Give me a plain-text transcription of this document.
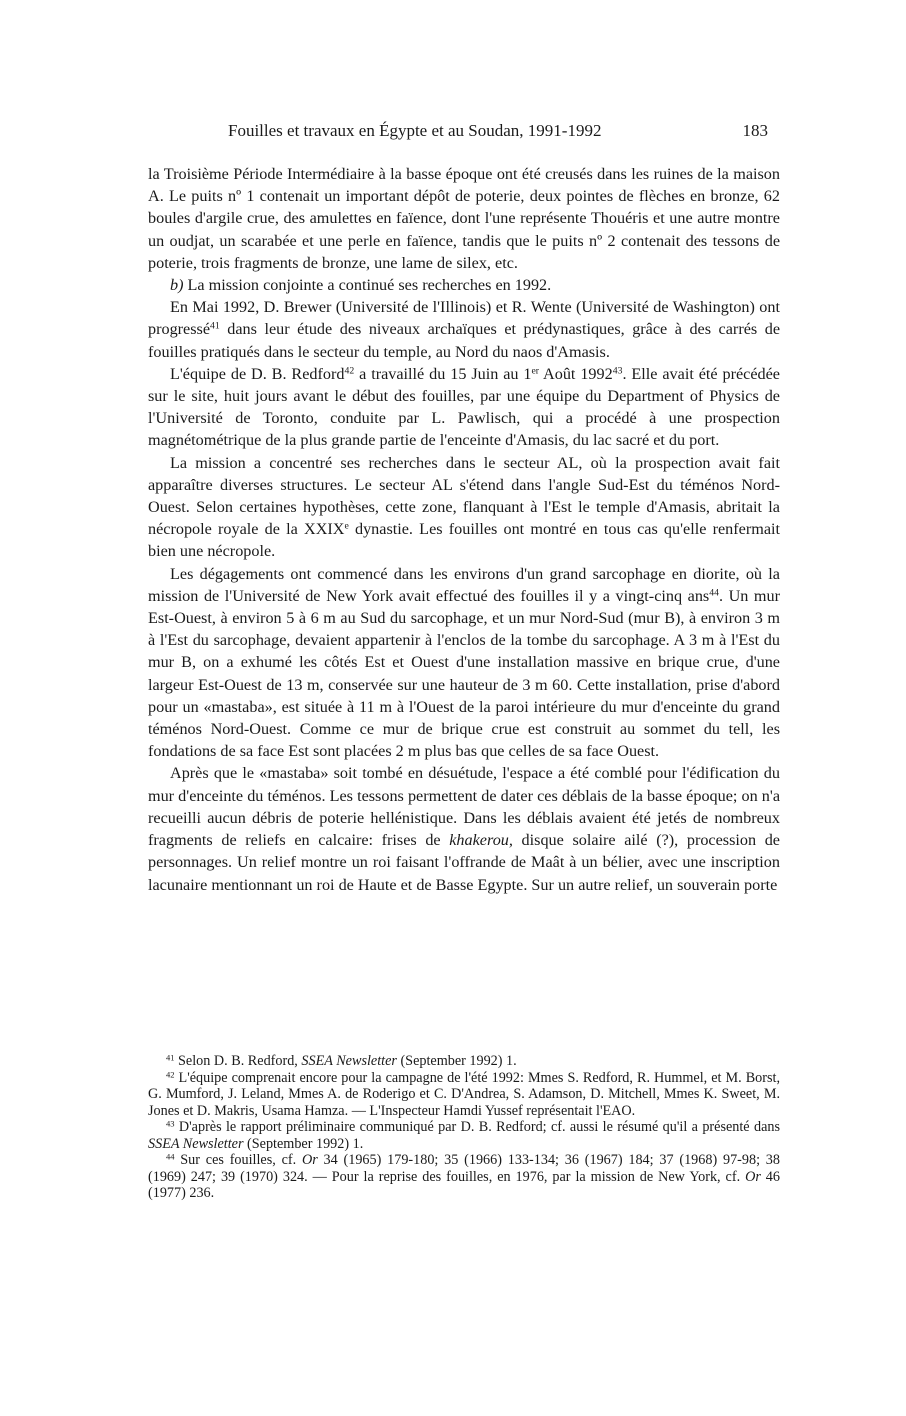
Fouilles et travaux en Égypte et au Soudan, 1991-1992	183

la Troisième Période Intermédiaire à la basse époque ont été creusés dans les ruines de la maison A. Le puits nº 1 contenait un important dépôt de poterie, deux pointes de flèches en bronze, 62 boules d'argile crue, des amulettes en faïence, dont l'une représente Thouéris et une autre montre un oudjat, un scarabée et une perle en faïence, tandis que le puits nº 2 contenait des tessons de poterie, trois fragments de bronze, une lame de silex, etc.

b) La mission conjointe a continué ses recherches en 1992.

En Mai 1992, D. Brewer (Université de l'Illinois) et R. Wente (Université de Washington) ont progressé$^{41}$ dans leur étude des niveaux archaïques et prédynastiques, grâce à des carrés de fouilles pratiqués dans le secteur du temple, au Nord du naos d'Amasis.

L'équipe de D. B. Redford$^{42}$ a travaillé du 15 Juin au 1er Août 1992$^{43}$. Elle avait été précédée sur le site, huit jours avant le début des fouilles, par une équipe du Department of Physics de l'Université de Toronto, conduite par L. Pawlisch, qui a procédé à une prospection magnétométrique de la plus grande partie de l'enceinte d'Amasis, du lac sacré et du port.

La mission a concentré ses recherches dans le secteur AL, où la prospection avait fait apparaître diverses structures. Le secteur AL s'étend dans l'angle Sud-Est du téménos Nord-Ouest. Selon certaines hypothèses, cette zone, flanquant à l'Est le temple d'Amasis, abritait la nécropole royale de la XXIXe dynastie. Les fouilles ont montré en tous cas qu'elle renfermait bien une nécropole.

Les dégagements ont commencé dans les environs d'un grand sarcophage en diorite, où la mission de l'Université de New York avait effectué des fouilles il y a vingt-cinq ans$^{44}$. Un mur Est-Ouest, à environ 5 à 6 m au Sud du sarcophage, et un mur Nord-Sud (mur B), à environ 3 m à l'Est du sarcophage, devaient appartenir à l'enclos de la tombe du sarcophage. A 3 m à l'Est du mur B, on a exhumé les côtés Est et Ouest d'une installation massive en brique crue, d'une largeur Est-Ouest de 13 m, conservée sur une hauteur de 3 m 60. Cette installation, prise d'abord pour un «mastaba», est située à 11 m à l'Ouest de la paroi intérieure du mur d'enceinte du grand téménos Nord-Ouest. Comme ce mur de brique crue est construit au sommet du tell, les fondations de sa face Est sont placées 2 m plus bas que celles de sa face Ouest.

Après que le «mastaba» soit tombé en désuétude, l'espace a été comblé pour l'édification du mur d'enceinte du téménos. Les tessons permettent de dater ces déblais de la basse époque; on n'a recueilli aucun débris de poterie hellénistique. Dans les déblais avaient été jetés de nombreux fragments de reliefs en calcaire: frises de khakerou, disque solaire ailé (?), procession de personnages. Un relief montre un roi faisant l'offrande de Maât à un bélier, avec une inscription lacunaire mentionnant un roi de Haute et de Basse Egypte. Sur un autre relief, un souverain porte

$^{41}$ Selon D. B. Redford, SSEA Newsletter (September 1992) 1.

$^{42}$ L'équipe comprenait encore pour la campagne de l'été 1992: Mmes S. Redford, R. Hummel, et M. Borst, G. Mumford, J. Leland, Mmes A. de Roderigo et C. D'Andrea, S. Adamson, D. Mitchell, Mmes K. Sweet, M. Jones et D. Makris, Usama Hamza. — L'Inspecteur Hamdi Yussef représentait l'EAO.

$^{43}$ D'après le rapport préliminaire communiqué par D. B. Redford; cf. aussi le résumé qu'il a présenté dans SSEA Newsletter (September 1992) 1.

$^{44}$ Sur ces fouilles, cf. Or 34 (1965) 179-180; 35 (1966) 133-134; 36 (1967) 184; 37 (1968) 97-98; 38 (1969) 247; 39 (1970) 324. — Pour la reprise des fouilles, en 1976, par la mission de New York, cf. Or 46 (1977) 236.
